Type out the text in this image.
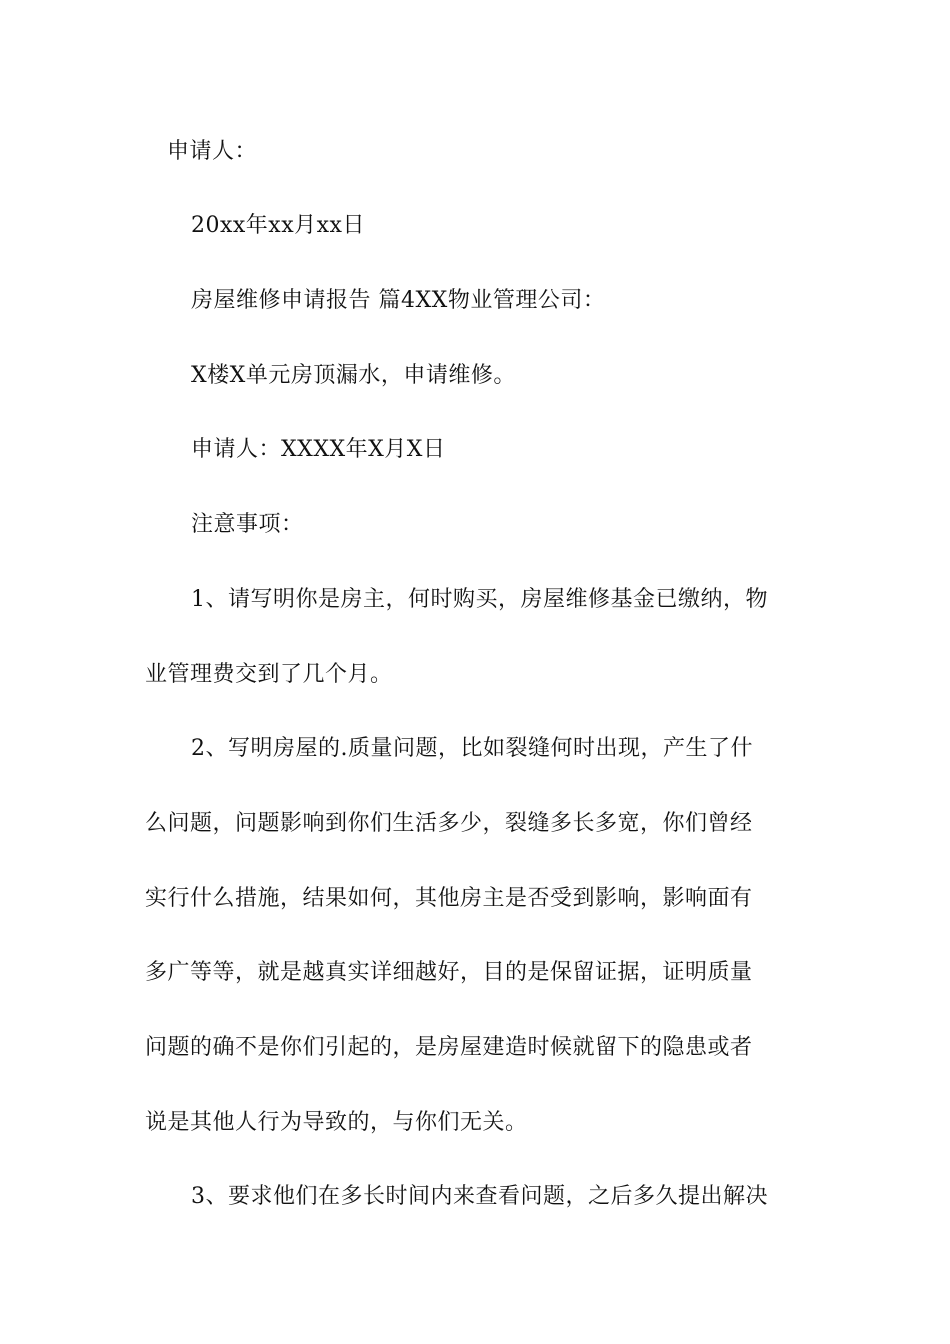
申请人：
20xx年xx月xx日
房屋维修申请报告 篇4XX物业管理公司：
X楼X单元房顶漏水，申请维修。
申请人：XXXX年X月X日
注意事项：
1、请写明你是房主，何时购买，房屋维修基金已缴纳，物
业管理费交到了几个月。
2、写明房屋的.质量问题，比如裂缝何时出现，产生了什
么问题，问题影响到你们生活多少，裂缝多长多宽，你们曾经
实行什么措施，结果如何，其他房主是否受到影响，影响面有
多广等等，就是越真实详细越好，目的是保留证据，证明质量
问题的确不是你们引起的，是房屋建造时候就留下的隐患或者
说是其他人行为导致的，与你们无关。
3、要求他们在多长时间内来查看问题，之后多久提出解决
